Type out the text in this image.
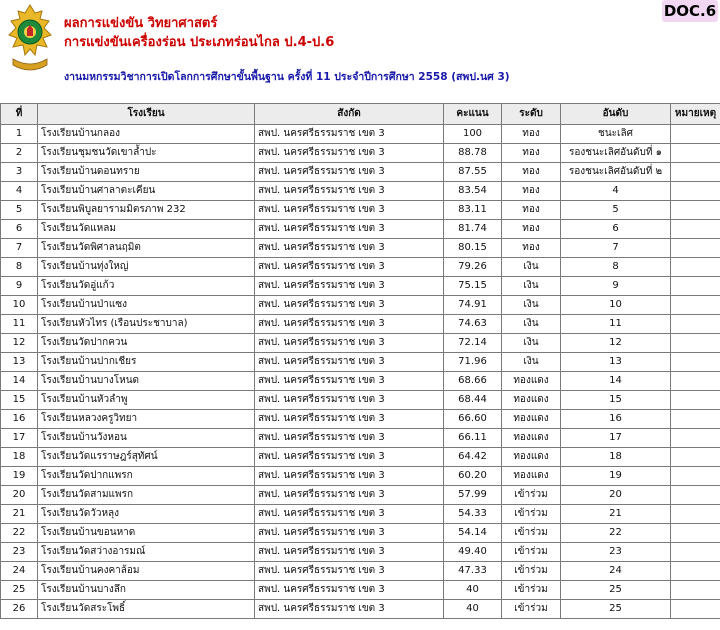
ผลการแข่งขัน วิทยาศาสตร์
การแข่งขันเครื่องร่อน ประเภทร่อนไกล ป.4-ป.6
งานมหกรรมวิชาการเปิดโลกการศึกษาขั้นพื้นฐาน ครั้งที่ 11 ประจำปีการศึกษา 2558 (สพป.นศ 3)
DOC.6
ที่	โรงเรียน	สังกัด	คะแนน	ระดับ	อันดับ	หมายเหตุ
1	โรงเรียนบ้านกลอง	สพป. นครศรีธรรมราช เขต 3	100	ทอง	ชนะเลิศ	
2	โรงเรียนชุมชนวัดเขาล้ำปะ	สพป. นครศรีธรรมราช เขต 3	88.78	ทอง	รองชนะเลิศอันดับที่ ๑	
3	โรงเรียนบ้านดอนทราย	สพป. นครศรีธรรมราช เขต 3	87.55	ทอง	รองชนะเลิศอันดับที่ ๒	
4	โรงเรียนบ้านศาลาตะเคียน	สพป. นครศรีธรรมราช เขต 3	83.54	ทอง	4	
5	โรงเรียนพิบูลยารามมิตรภาพ 232	สพป. นครศรีธรรมราช เขต 3	83.11	ทอง	5	
6	โรงเรียนวัดแหลม	สพป. นครศรีธรรมราช เขต 3	81.74	ทอง	6	
7	โรงเรียนวัดพิศาลนฤมิต	สพป. นครศรีธรรมราช เขต 3	80.15	ทอง	7	
8	โรงเรียนบ้านทุ่งใหญ่	สพป. นครศรีธรรมราช เขต 3	79.26	เงิน	8	
9	โรงเรียนวัดอู่แก้ว	สพป. นครศรีธรรมราช เขต 3	75.15	เงิน	9	
10	โรงเรียนบ้านป่าแซง	สพป. นครศรีธรรมราช เขต 3	74.91	เงิน	10	
11	โรงเรียนหัวไทร (เรือนประชาบาล)	สพป. นครศรีธรรมราช เขต 3	74.63	เงิน	11	
12	โรงเรียนวัดปากควน	สพป. นครศรีธรรมราช เขต 3	72.14	เงิน	12	
13	โรงเรียนบ้านปากเชียร	สพป. นครศรีธรรมราช เขต 3	71.96	เงิน	13	
14	โรงเรียนบ้านบางโหนด	สพป. นครศรีธรรมราช เขต 3	68.66	ทองแดง	14	
15	โรงเรียนบ้านหัวลำพู	สพป. นครศรีธรรมราช เขต 3	68.44	ทองแดง	15	
16	โรงเรียนหลวงครูวิทยา	สพป. นครศรีธรรมราช เขต 3	66.60	ทองแดง	16	
17	โรงเรียนบ้านวังหอน	สพป. นครศรีธรรมราช เขต 3	66.11	ทองแดง	17	
18	โรงเรียนวัดแรราษฎร์สุทัศน์	สพป. นครศรีธรรมราช เขต 3	64.42	ทองแดง	18	
19	โรงเรียนวัดปากแพรก	สพป. นครศรีธรรมราช เขต 3	60.20	ทองแดง	19	
20	โรงเรียนวัดสามแพรก	สพป. นครศรีธรรมราช เขต 3	57.99	เข้าร่วม	20	
21	โรงเรียนวัดวัวหลุง	สพป. นครศรีธรรมราช เขต 3	54.33	เข้าร่วม	21	
22	โรงเรียนบ้านขอนหาด	สพป. นครศรีธรรมราช เขต 3	54.14	เข้าร่วม	22	
23	โรงเรียนวัดสว่างอารมณ์	สพป. นครศรีธรรมราช เขต 3	49.40	เข้าร่วม	23	
24	โรงเรียนบ้านคงคาล้อม	สพป. นครศรีธรรมราช เขต 3	47.33	เข้าร่วม	24	
25	โรงเรียนบ้านบางลึก	สพป. นครศรีธรรมราช เขต 3	40	เข้าร่วม	25	
26	โรงเรียนวัดสระโพธิ์	สพป. นครศรีธรรมราช เขต 3	40	เข้าร่วม	25	
